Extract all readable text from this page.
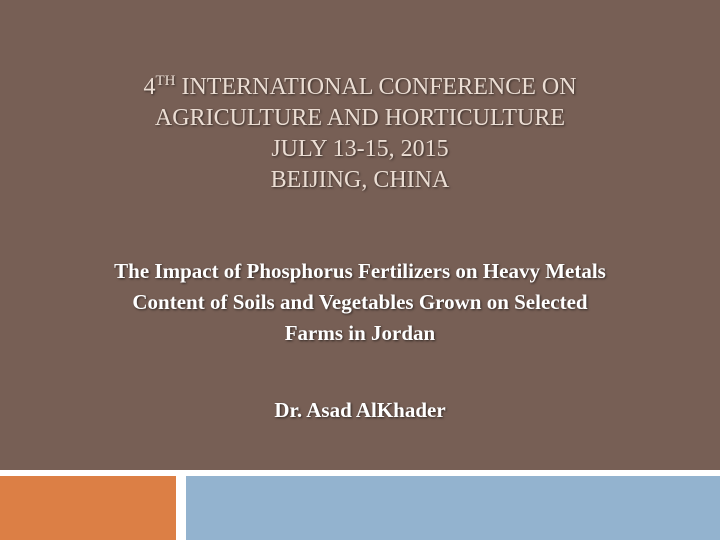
4TH INTERNATIONAL CONFERENCE ON
AGRICULTURE AND HORTICULTURE
JULY 13-15, 2015
BEIJING, CHINA
The Impact of Phosphorus Fertilizers on Heavy Metals
Content of Soils and Vegetables Grown on Selected
Farms in Jordan
Dr. Asad AlKhader
